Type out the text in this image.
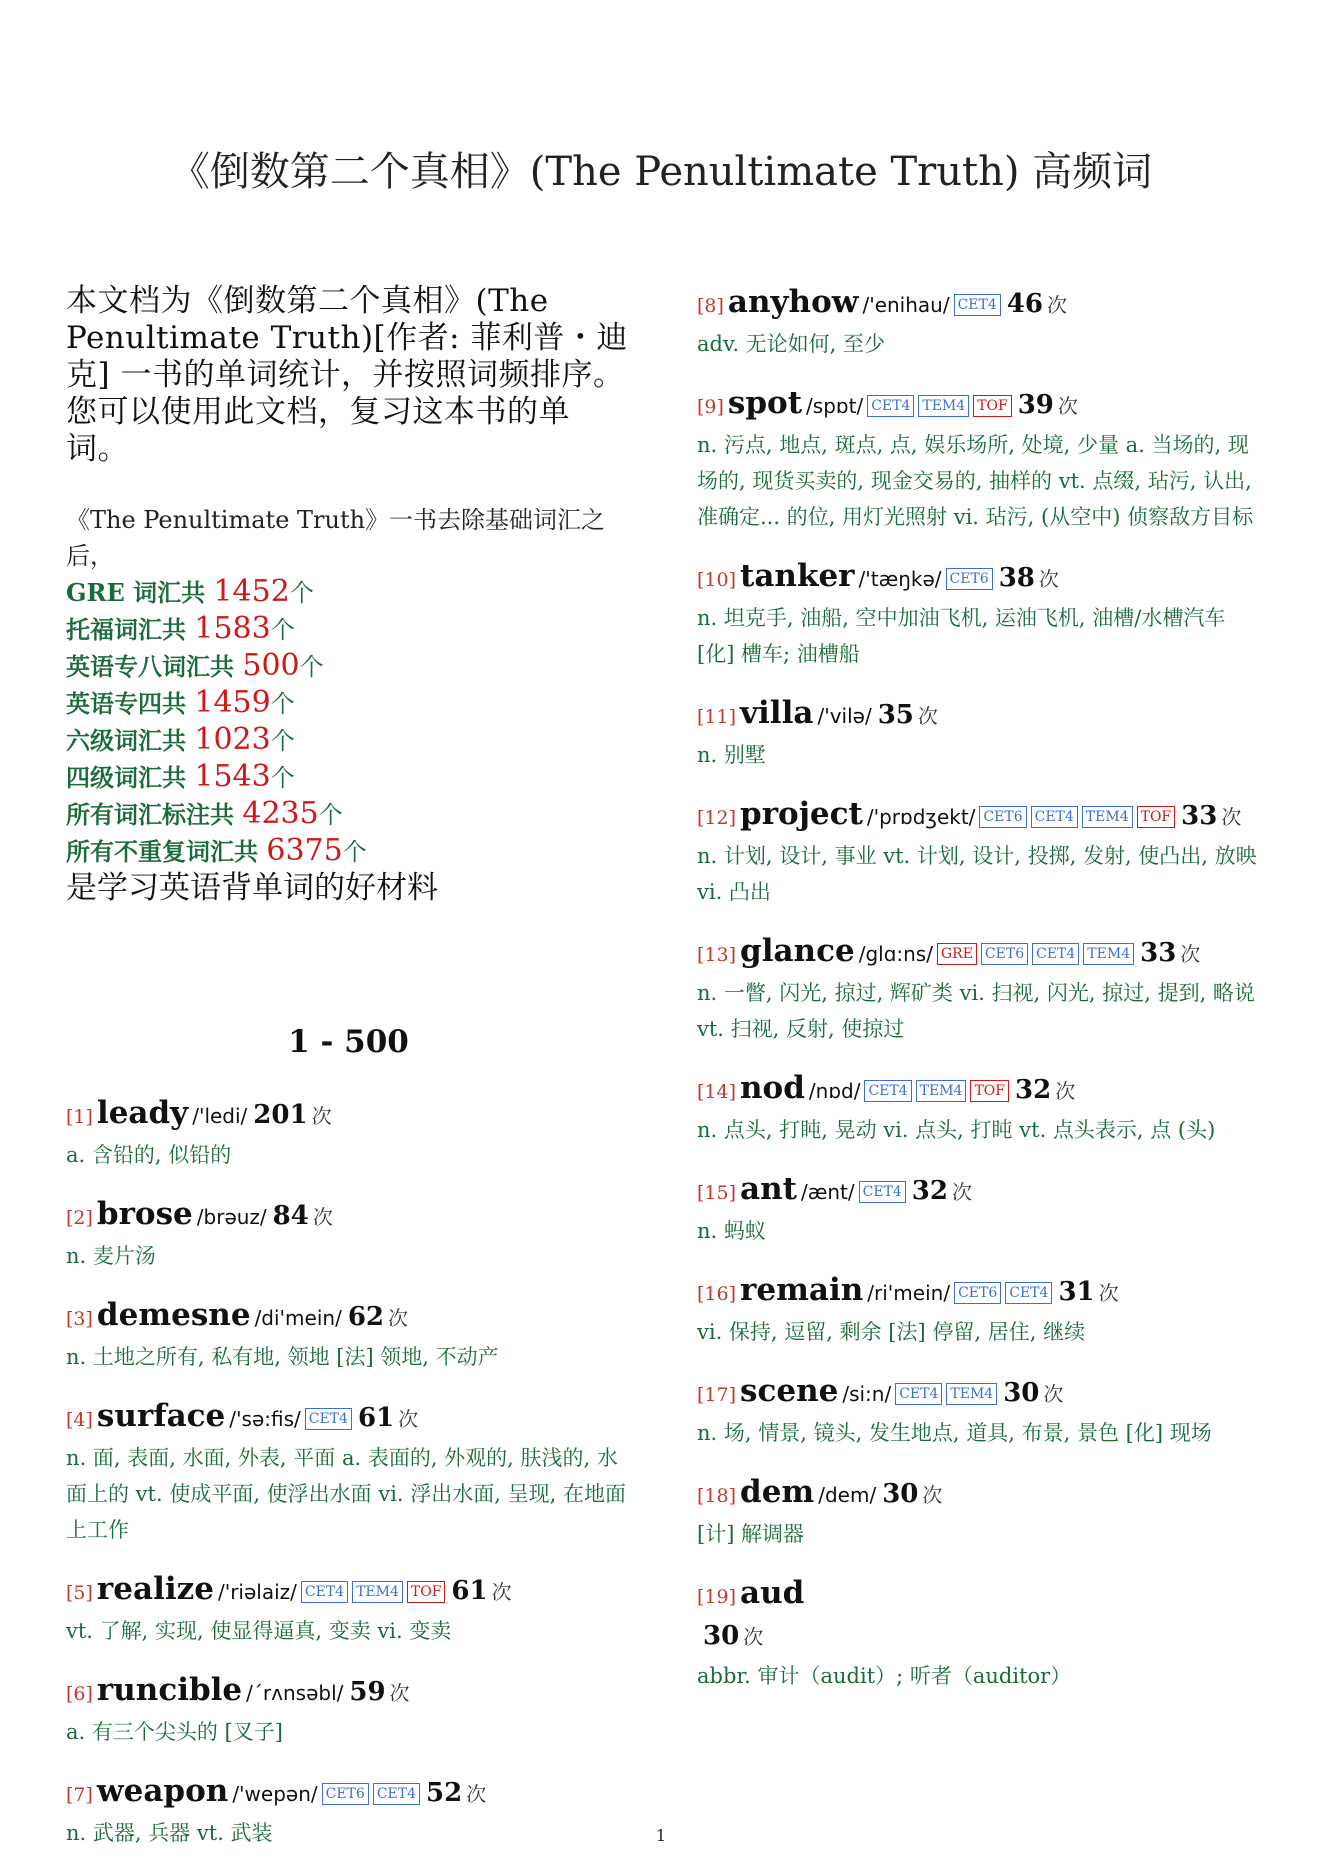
《倒数第二个真相》(The Penultimate Truth) 高频词

本文档为《倒数第二个真相》(The Penultimate Truth)[作者: 菲利普・迪克] 一书的单词统计，并按照词频排序。您可以使用此文档，复习这本书的单词。

《The Penultimate Truth》一书去除基础词汇之后，

GRE 词汇共 1452个
托福词汇共 1583个
英语专八词汇共 500个
英语专四共 1459个
六级词汇共 1023个
四级词汇共 1543个
所有词汇标注共 4235个
所有不重复词汇共 6375个

是学习英语背单词的好材料

1 - 500
[1] leady /'ledi/ 201 次
a. 含铅的, 似铅的
[2] brose /brəuz/ 84 次
n. 麦片汤
[3] demesne /di'mein/ 62 次
n. 土地之所有, 私有地, 领地 [法] 领地, 不动产
[4] surface /'sə:fis/ CET4 61 次
n. 面, 表面, 水面, 外表, 平面 a. 表面的, 外观的, 肤浅的, 水面上的 vt. 使成平面, 使浮出水面 vi. 浮出水面, 呈现, 在地面上工作
[5] realize /'riəlaiz/ CET4 TEM4 TOF 61 次
vt. 了解, 实现, 使显得逼真, 变卖 vi. 变卖
[6] runcible /ˊrʌnsəbl/ 59 次
a. 有三个尖头的 [叉子]
[7] weapon /'wepən/ CET6 CET4 52 次
n. 武器, 兵器 vt. 武装
[8] anyhow /'enihau/ CET4 46 次
adv. 无论如何, 至少
[9] spot /spɒt/ CET4 TEM4 TOF 39 次
n. 污点, 地点, 斑点, 点, 娱乐场所, 处境, 少量 a. 当场的, 现场的, 现货买卖的, 现金交易的, 抽样的 vt. 点缀, 玷污, 认出, 准确定... 的位, 用灯光照射 vi. 玷污, (从空中) 侦察敌方目标
[10] tanker /'tæŋkə/ CET6 38 次
n. 坦克手, 油船, 空中加油飞机, 运油飞机, 油槽/水槽汽车 [化] 槽车; 油槽船
[11] villa /'vilə/ 35 次
n. 别墅
[12] project /'prɒdʒekt/ CET6 CET4 TEM4 TOF 33 次
n. 计划, 设计, 事业 vt. 计划, 设计, 投掷, 发射, 使凸出, 放映 vi. 凸出
[13] glance /glɑ:ns/ GRE CET6 CET4 TEM4 33 次
n. 一瞥, 闪光, 掠过, 辉矿类 vi. 扫视, 闪光, 掠过, 提到, 略说 vt. 扫视, 反射, 使掠过
[14] nod /nɒd/ CET4 TEM4 TOF 32 次
n. 点头, 打盹, 晃动 vi. 点头, 打盹 vt. 点头表示, 点 (头)
[15] ant /ænt/ CET4 32 次
n. 蚂蚁
[16] remain /ri'mein/ CET6 CET4 31 次
vi. 保持, 逗留, 剩余 [法] 停留, 居住, 继续
[17] scene /si:n/ CET4 TEM4 30 次
n. 场, 情景, 镜头, 发生地点, 道具, 布景, 景色 [化] 现场
[18] dem /dem/ 30 次
[计] 解调器
[19] aud
30 次
abbr. 审计（audit）; 听者（auditor）
1
